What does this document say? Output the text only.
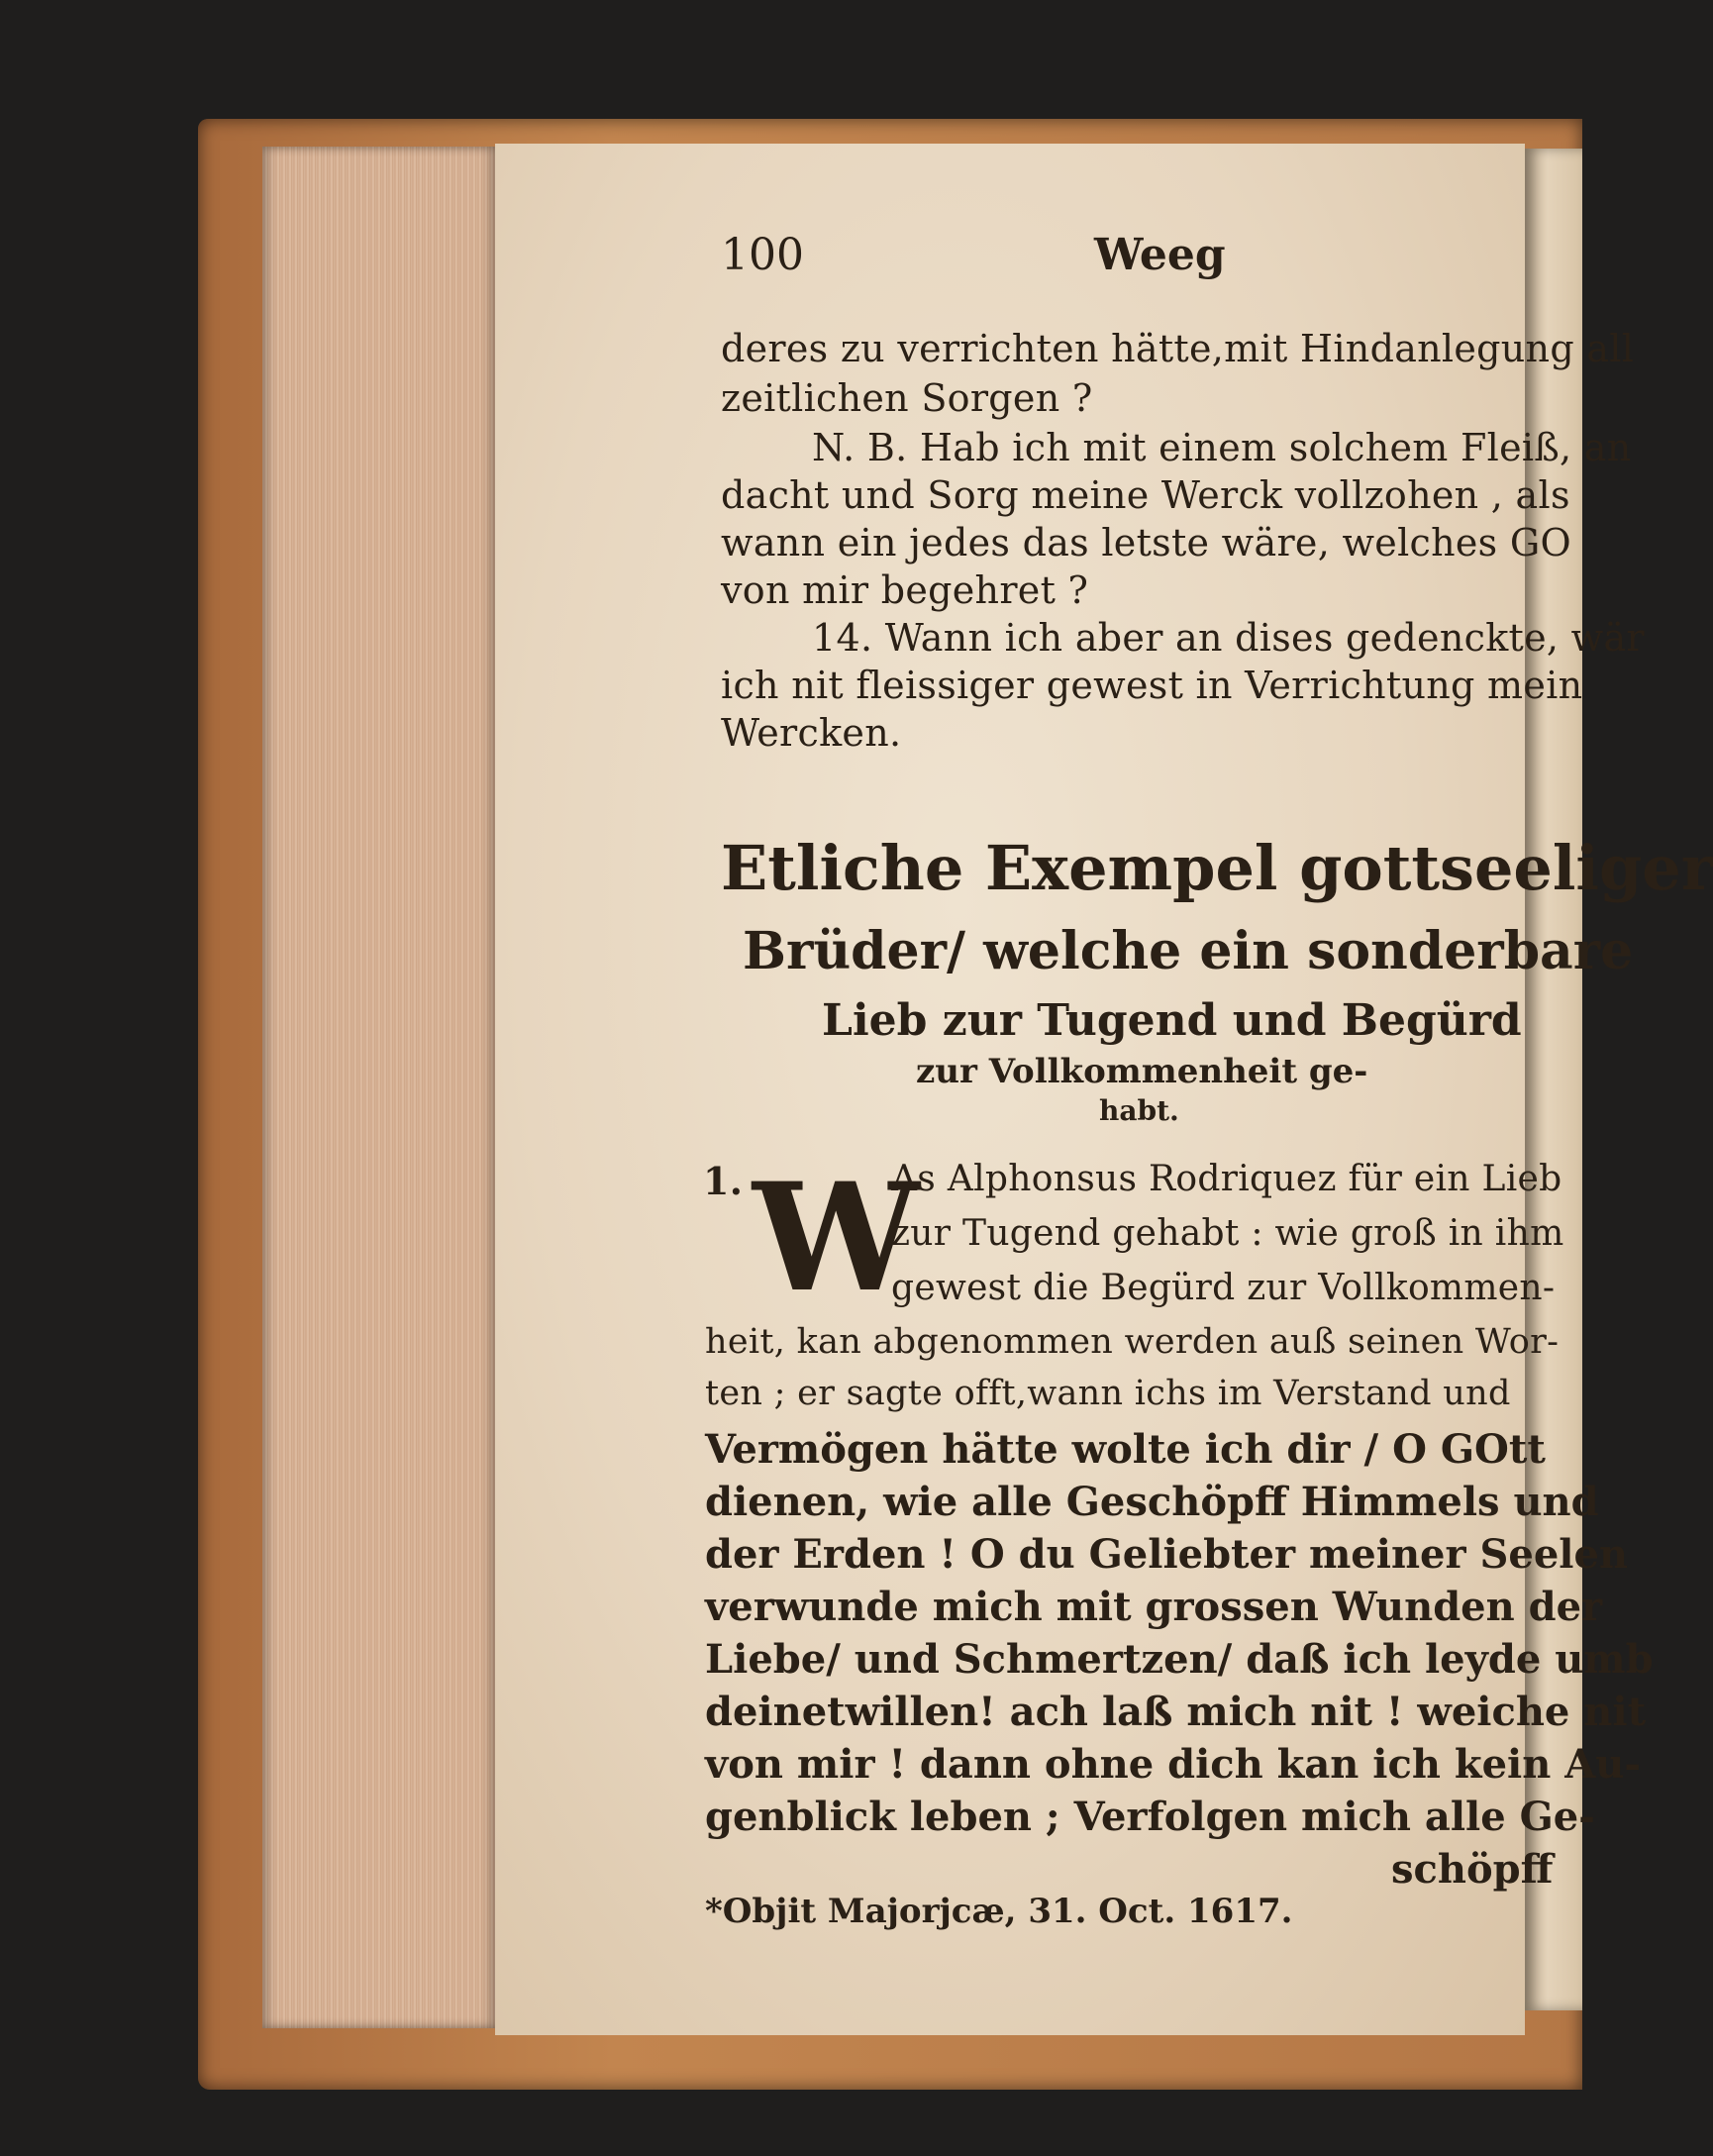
100	Weeg
deres zu verrichten hätte,mit Hindanlegung all
zeitlichen Sorgen ?
N. B. Hab ich mit einem solchem Fleiß, an
dacht und Sorg meine Werck vollzohen , als
wann ein jedes das letste wäre, welches GO
von mir begehret ?
14. Wann ich aber an dises gedenckte, wär
ich nit fleissiger gewest in Verrichtung mein
Wercken.
Etliche Exempel gottseeliger
Brüder/ welche ein sonderbare
Lieb zur Tugend und Begürd
zur Vollkommenheit ge-
habt.
1. W
As Alphonsus Rodriquez für ein Lieb
zur Tugend gehabt : wie groß in ihm
gewest die Begürd zur Vollkommen-
heit, kan abgenommen werden auß seinen Wor-
ten ; er sagte offt,wann ichs im Verstand und
Vermögen hätte wolte ich dir / O GOtt
dienen, wie alle Geschöpff Himmels und
der Erden ! O du Geliebter meiner Seelen
verwunde mich mit grossen Wunden der
Liebe/ und Schmertzen/ daß ich leyde umb
deinetwillen! ach laß mich nit ! weiche nit
von mir ! dann ohne dich kan ich kein Au-
genblick leben ; Verfolgen mich alle Ge-
schöpff
*Objit Majorjcæ, 31. Oct. 1617.
